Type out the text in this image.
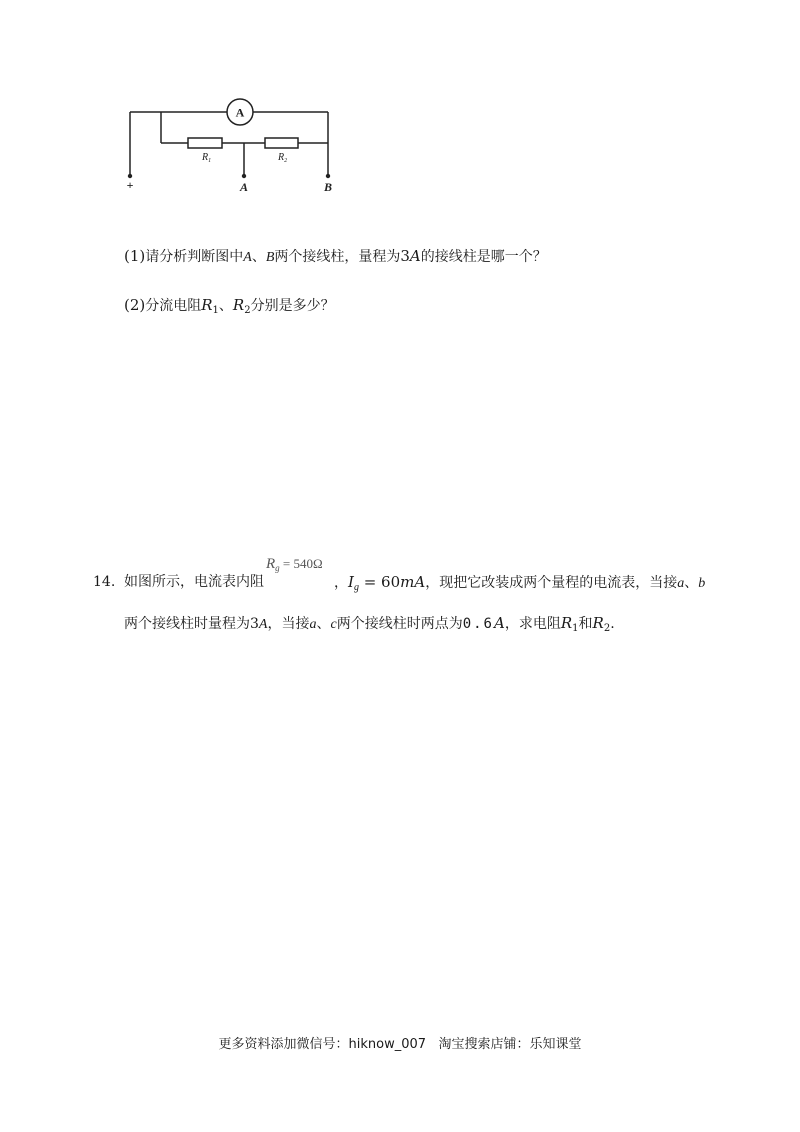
A
$R_1$	$R_2$
+	A	B
(1)请分析判断图中A、B两个接线柱，量程为3A的接线柱是哪一个？
(2)分流电阻$R_1$、$R_2$分别是多少？
14. 如图所示，电流表内阻
$R_g = 540\Omega$
，$I_g = 60mA$，现把它改装成两个量程的电流表，当接a、b
两个接线柱时量程为3A，当接a、c两个接线柱时两点为0.6A，求电阻$R_1$和$R_2$.
更多资料添加微信号：hiknow_007   淘宝搜索店铺：乐知课堂
